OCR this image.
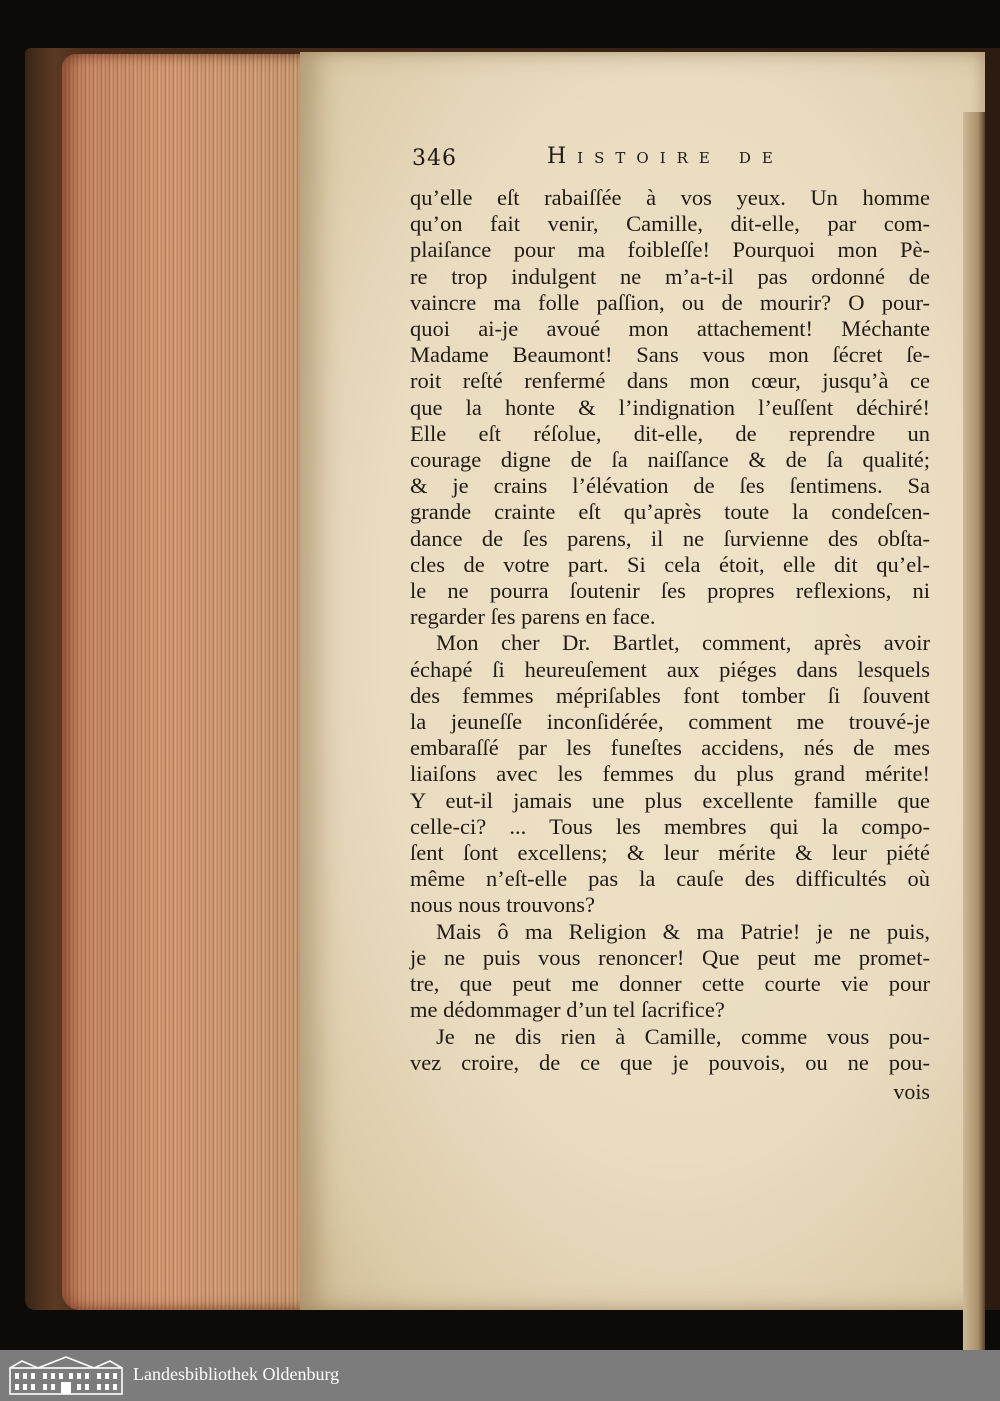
346	Histoire de
qu’elle eſt rabaiſſée à vos yeux. Un homme
qu’on fait venir, Camille, dit-elle, par com-
plaiſance pour ma foibleſſe! Pourquoi mon Pè-
re trop indulgent ne m’a-t-il pas ordonné de
vaincre ma folle paſſion, ou de mourir? O pour-
quoi ai-je avoué mon attachement! Méchante
Madame Beaumont! Sans vous mon ſécret ſe-
roit reſté renfermé dans mon cœur, jusqu’à ce
que la honte & l’indignation l’euſſent déchiré!
Elle eſt réſolue, dit-elle, de reprendre un
courage digne de ſa naiſſance & de ſa qualité;
& je crains l’élévation de ſes ſentimens. Sa
grande crainte eſt qu’après toute la condeſcen-
dance de ſes parens, il ne ſurvienne des obſta-
cles de votre part. Si cela étoit, elle dit qu’el-
le ne pourra ſoutenir ſes propres reflexions, ni
regarder ſes parens en face.
Mon cher Dr. Bartlet, comment, après avoir
échapé ſi heureuſement aux piéges dans lesquels
des femmes mépriſables font tomber ſi ſouvent
la jeuneſſe inconſidérée, comment me trouvé-je
embaraſſé par les funeſtes accidens, nés de mes
liaiſons avec les femmes du plus grand mérite!
Y eut-il jamais une plus excellente famille que
celle-ci? ... Tous les membres qui la compo-
ſent ſont excellens; & leur mérite & leur piété
même n’eſt-elle pas la cauſe des difficultés où
nous nous trouvons?
Mais ô ma Religion & ma Patrie! je ne puis,
je ne puis vous renoncer! Que peut me promet-
tre, que peut me donner cette courte vie pour
me dédommager d’un tel ſacrifice?
Je ne dis rien à Camille, comme vous pou-
vez croire, de ce que je pouvois, ou ne pou-
vois
Landesbibliothek Oldenburg
